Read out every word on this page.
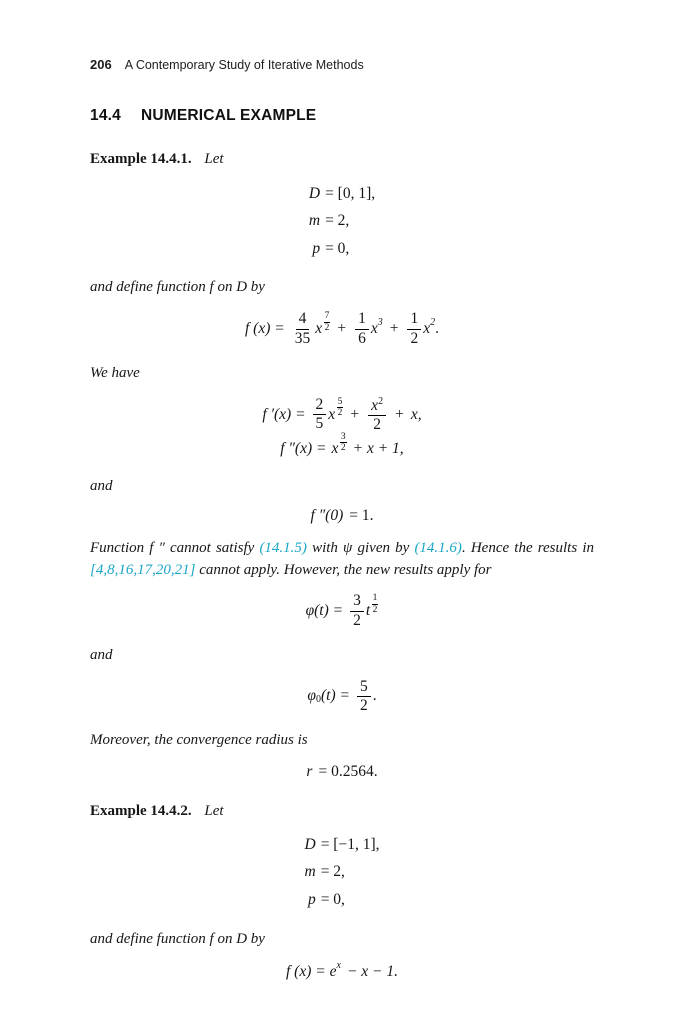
206 A Contemporary Study of Iterative Methods
14.4 NUMERICAL EXAMPLE

Example 14.4.1. Let

D	= [0, 1],
m	= 2,
p	= 0,

and define function f on D by

f $(x) = \frac{4}{35}$ x $\frac{7}{2} + \frac{1}{6}$ x $3 + \frac{1}{2}$ x 2 .

We have

f $'(x) = \frac{2}{5}$ x $\frac{5}{2} + \frac{x^2}{2} + x$,
f ″(x) = x $\frac{3}{2} + x + 1$,

and

f ″(0) = 1.

Function f ″ cannot satisfy (14.1.5) with ψ given by (14.1.6). Hence the results in [4,8,16,17,20,21] cannot apply. However, the new results apply for

$\varphi(t) = \frac{3}{2}$ t $\frac{1}{2}$

and

φ 0 $(t) = \frac{5}{2}$ .

Moreover, the convergence radius is

r = 0.2564.

Example 14.4.2. Let

D	= [−1, 1],
m	= 2,
p	= 0,

and define function f on D by

f (x) = e x − x − 1.
